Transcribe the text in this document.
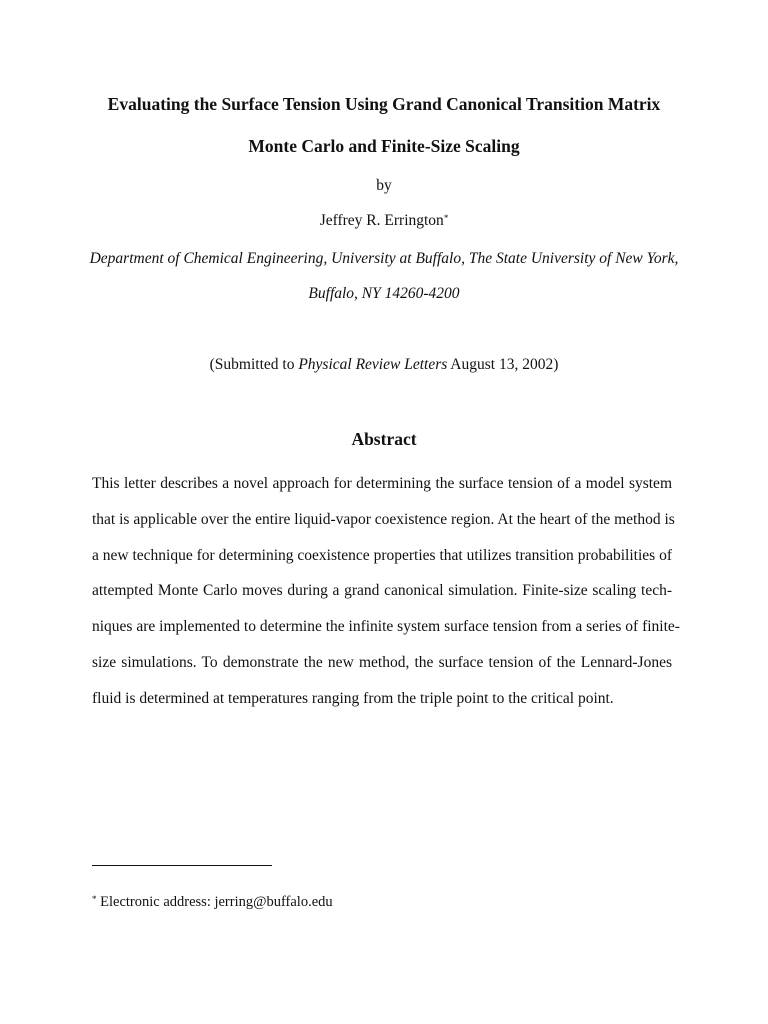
Evaluating the Surface Tension Using Grand Canonical Transition Matrix
Monte Carlo and Finite-Size Scaling
by
Jeffrey R. Errington*
Department of Chemical Engineering, University at Buffalo, The State University of New York,
Buffalo, NY 14260-4200
(Submitted to Physical Review Letters August 13, 2002)
Abstract
This letter describes a novel approach for determining the surface tension of a model system
that is applicable over the entire liquid-vapor coexistence region. At the heart of the method is
a new technique for determining coexistence properties that utilizes transition probabilities of
attempted Monte Carlo moves during a grand canonical simulation. Finite-size scaling tech-
niques are implemented to determine the infinite system surface tension from a series of finite-
size simulations. To demonstrate the new method, the surface tension of the Lennard-Jones
fluid is determined at temperatures ranging from the triple point to the critical point.
* Electronic address: jerring@buffalo.edu
